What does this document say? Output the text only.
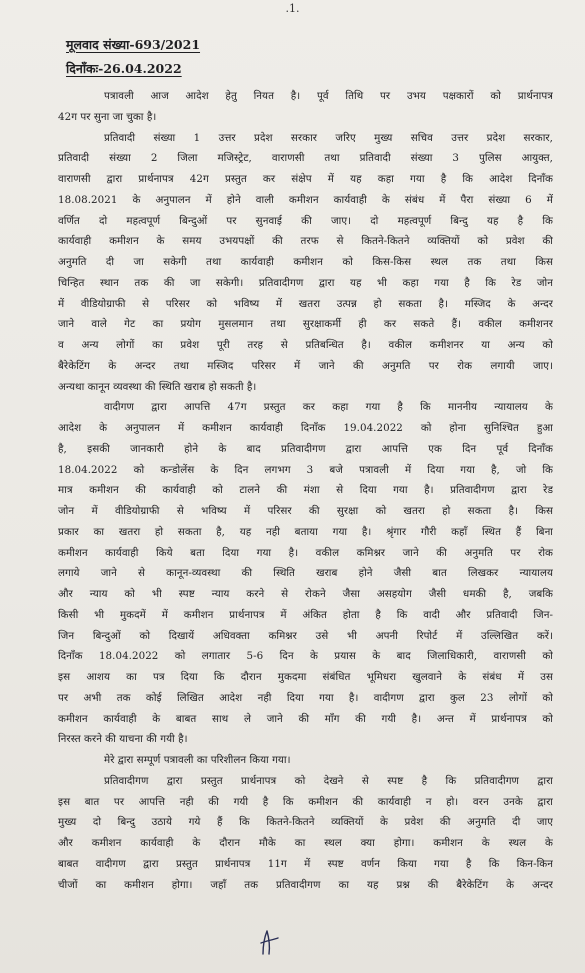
.1.
मूलवाद संख्या-693/2021
दिनाँकः-26.04.2022
पत्रावली आज आदेश हेतु नियत है। पूर्व तिथि पर उभय पक्षकारों को प्रार्थनापत्र
42ग पर सुना जा चुका है।
प्रतिवादी संख्या 1 उत्तर प्रदेश सरकार जरिए मुख्य सचिव उत्तर प्रदेश सरकार,
प्रतिवादी संख्या 2 जिला मजिस्ट्रेट, वाराणसी तथा प्रतिवादी संख्या 3 पुलिस आयुक्त,
वाराणसी द्वारा प्रार्थनापत्र 42ग प्रस्तुत कर संक्षेप में यह कहा गया है कि आदेश दिनाँक
18.08.2021 के अनुपालन में होने वाली कमीशन कार्यवाही के संबंध में पैरा संख्या 6 में
वर्णित दो महत्वपूर्ण बिन्दुओं पर सुनवाई की जाए। दो महत्वपूर्ण बिन्दु यह है कि
कार्यवाही कमीशन के समय उभयपक्षों की तरफ से कितने-कितने व्यक्तियों को प्रवेश की
अनुमति दी जा सकेगी तथा कार्यवाही कमीशन को किस-किस स्थल तक तथा किस
चिन्हित स्थान तक की जा सकेगी। प्रतिवादीगण द्वारा यह भी कहा गया है कि रेड जोन
में वीडियोग्राफी से परिसर को भविष्य में खतरा उत्पन्न हो सकता है। मस्जिद के अन्दर
जाने वाले गेट का प्रयोग मुसलमान तथा सुरक्षाकर्मी ही कर सकते हैं। वकील कमीशनर
व अन्य लोगों का प्रवेश पूरी तरह से प्रतिबन्धित है। वकील कमीशनर या अन्य को
बैरेकेटिंग के अन्दर तथा मस्जिद परिसर में जाने की अनुमति पर रोक लगायी जाए।
अन्यथा कानून व्यवस्था की स्थिति खराब हो सकती है।
वादीगण द्वारा आपत्ति 47ग प्रस्तुत कर कहा गया है कि माननीय न्यायालय के
आदेश के अनुपालन में कमीशन कार्यवाही दिनाँक 19.04.2022 को होना सुनिश्चित हुआ
है, इसकी जानकारी होने के बाद प्रतिवादीगण द्वारा आपत्ति एक दिन पूर्व दिनाँक
18.04.2022 को कन्डोलेंस के दिन लगभग 3 बजे पत्रावली में दिया गया है, जो कि
मात्र कमीशन की कार्यवाही को टालने की मंशा से दिया गया है। प्रतिवादीगण द्वारा रेड
जोन में वीडियोग्राफी से भविष्य में परिसर की सुरक्षा को खतरा हो सकता है। किस
प्रकार का खतरा हो सकता है, यह नही बताया गया है। श्रृंगार गौरी कहाँ स्थित हैं बिना
कमीशन कार्यवाही किये बता दिया गया है। वकील कमिश्नर जाने की अनुमति पर रोक
लगाये जाने से कानून-व्यवस्था की स्थिति खराब होने जैसी बात लिखकर न्यायालय
और न्याय को भी स्पष्ट न्याय करने से रोकने जैसा असहयोग जैसी धमकी है, जबकि
किसी भी मुकदमें में कमीशन प्रार्थनापत्र में अंकित होता है कि वादी और प्रतिवादी जिन-
जिन बिन्दुओं को दिखायें अधिवक्ता कमिश्नर उसे भी अपनी रिपोर्ट में उल्लिखित करें।
दिनाँक 18.04.2022 को लगातार 5-6 दिन के प्रयास के बाद जिलाधिकारी, वाराणसी को
इस आशय का पत्र दिया कि दौरान मुकदमा संबंधित भूमिधरा खुलवाने के संबंध में उस
पर अभी तक कोई लिखित आदेश नही दिया गया है। वादीगण द्वारा कुल 23 लोगों को
कमीशन कार्यवाही के बाबत साथ ले जाने की माँग की गयी है। अन्त में प्रार्थनापत्र को
निरस्त करने की याचना की गयी है।
मेरे द्वारा सम्पूर्ण पत्रावली का परिशीलन किया गया।
प्रतिवादीगण द्वारा प्रस्तुत प्रार्थनापत्र को देखने से स्पष्ट है कि प्रतिवादीगण द्वारा
इस बात पर आपत्ति नही की गयी है कि कमीशन की कार्यवाही न हो। वरन उनके द्वारा
मुख्य दो बिन्दु उठाये गये हैं कि कितने-कितने व्यक्तियों के प्रवेश की अनुमति दी जाए
और कमीशन कार्यवाही के दौरान मौके का स्थल क्या होगा। कमीशन के स्थल के
बाबत वादीगण द्वारा प्रस्तुत प्रार्थनापत्र 11ग में स्पष्ट वर्णन किया गया है कि किन-किन
चीजों का कमीशन होगा। जहाँ तक प्रतिवादीगण का यह प्रश्न की बैरेकेटिंग के अन्दर
